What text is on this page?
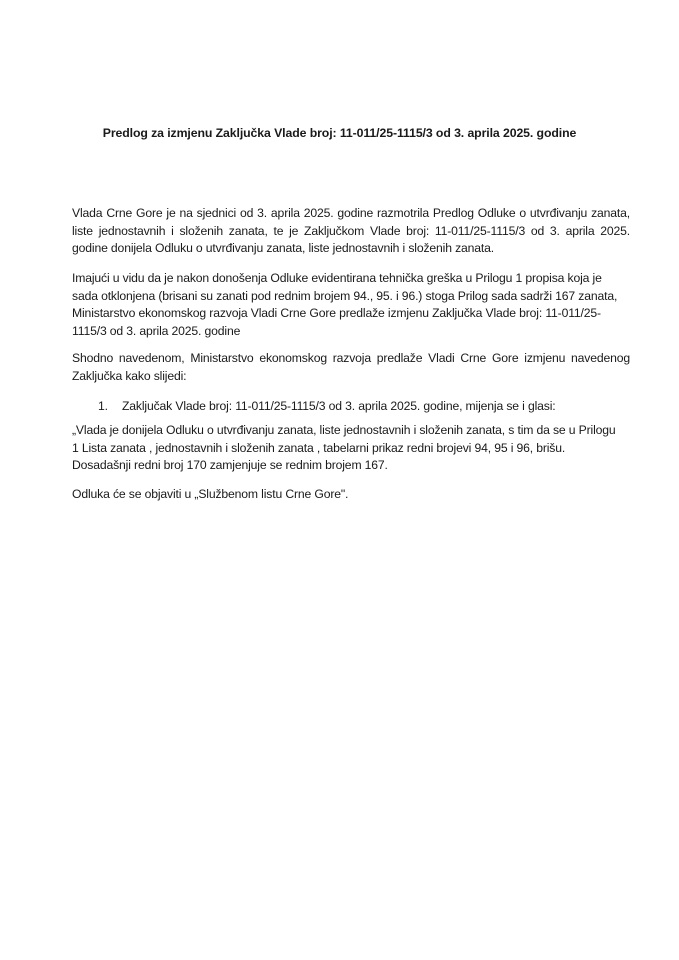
Predlog za izmjenu Zaključka Vlade broj: 11-011/25-1115/3 od 3. aprila 2025. godine
Vlada Crne Gore je na sjednici od 3. aprila 2025. godine razmotrila Predlog Odluke o utvrđivanju zanata, liste jednostavnih i složenih zanata, te je Zaključkom Vlade broj: 11-011/25-1115/3 od 3. aprila 2025. godine donijela Odluku o utvrđivanju zanata, liste jednostavnih i složenih zanata.
Imajući u vidu da je nakon donošenja Odluke evidentirana tehnička greška u Prilogu 1 propisa koja je
sada otklonjena (brisani su zanati pod rednim brojem 94., 95. i 96.) stoga Prilog sada sadrži 167 zanata,
Ministarstvo ekonomskog razvoja Vladi Crne Gore predlaže izmjenu Zaključka Vlade broj: 11-011/25-
1115/3 od 3. aprila 2025. godine
Shodno navedenom, Ministarstvo ekonomskog razvoja predlaže Vladi Crne Gore izmjenu navedenog Zaključka kako slijedi:
1. Zaključak Vlade broj: 11-011/25-1115/3 od 3. aprila 2025. godine, mijenja se i glasi:
„Vlada je donijela Odluku o utvrđivanju zanata, liste jednostavnih i složenih zanata, s tim da se u Prilogu
1 Lista zanata , jednostavnih i složenih zanata , tabelarni prikaz redni brojevi 94, 95 i 96, brišu.
Dosadašnji redni broj 170 zamjenjuje se rednim brojem 167.
Odluka će se objaviti u „Službenom listu Crne Gore".
